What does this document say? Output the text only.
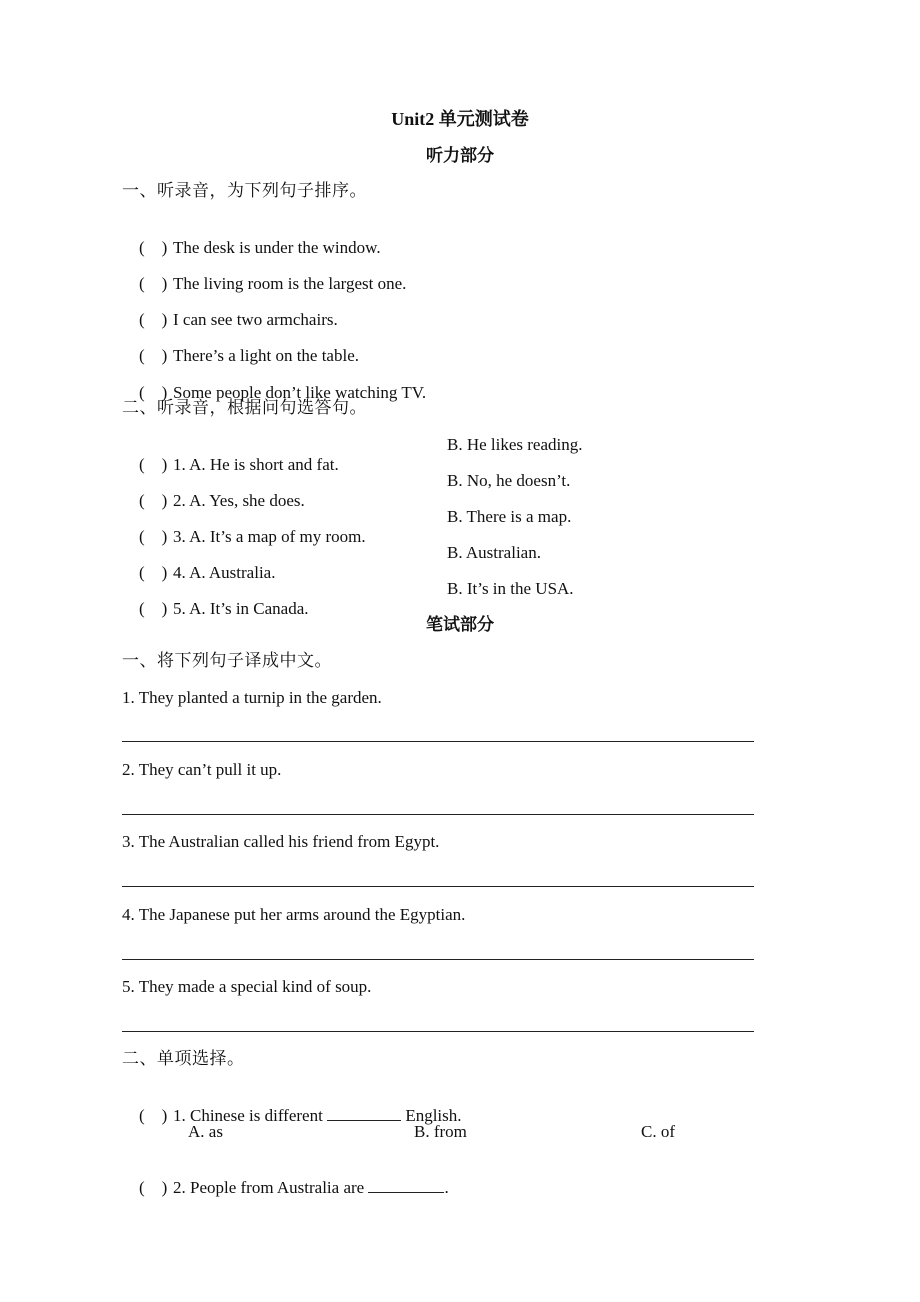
Unit2 单元测试卷
听力部分
一、听录音，为下列句子排序。

(    ) The desk is under the window.

(    ) The living room is the largest one.

(    ) I can see two armchairs.

(    ) There’s a light on the table.

(    ) Some people don’t like watching TV.

二、听录音，根据问句选答句。

(    ) 1. A. He is short and fat.

B. He likes reading.

(    ) 2. A. Yes, she does.

B. No, he doesn’t.

(    ) 3. A. It’s a map of my room.

B. There is a map.

(    ) 4. A. Australia.

B. Australian.

(    ) 5. A. It’s in Canada.

B. It’s in the USA.
笔试部分
一、将下列句子译成中文。
1. They planted a turnip in the garden.
2. They can’t pull it up.
3. The Australian called his friend from Egypt.
4. The Japanese put her arms around the Egyptian.
5. They made a special kind of soup.
二、单项选择。

(    ) 1. Chinese is different	English.

A. as	B. from	C. of

(    ) 2. People from Australia are	.
